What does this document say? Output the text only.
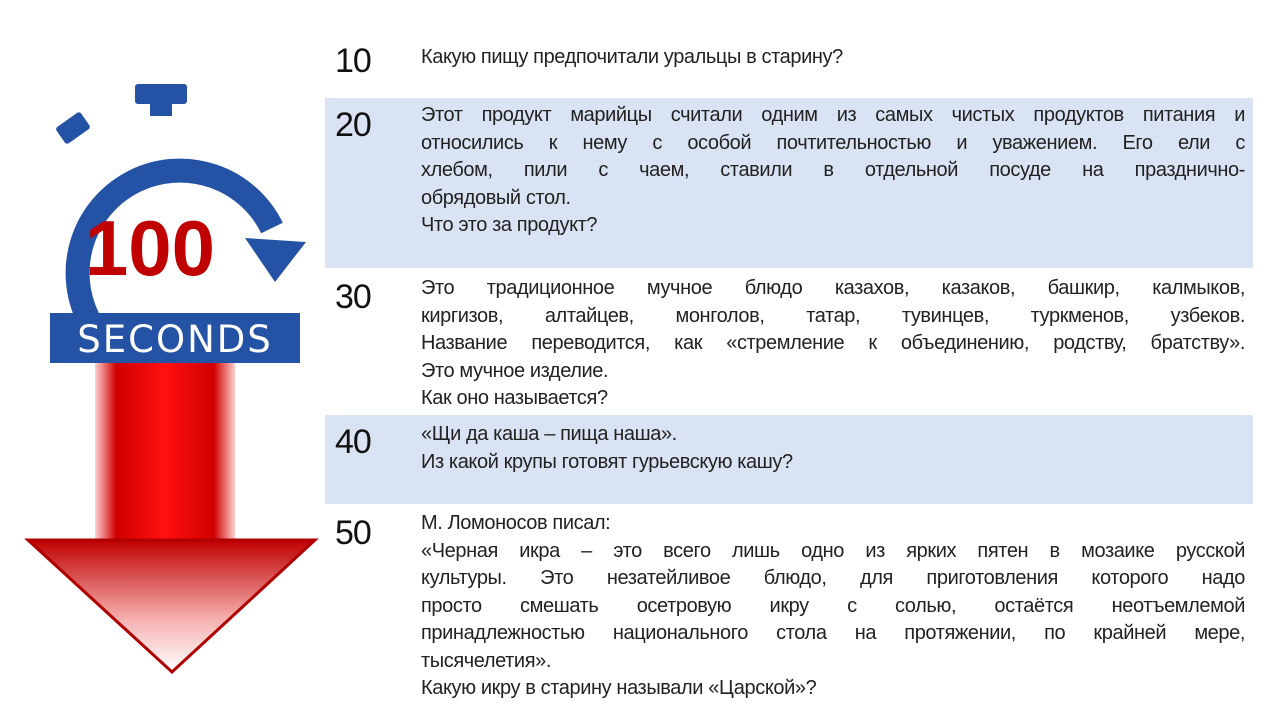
100
SECONDS
10	Какую пищу предпочитали уральцы в старину?
20	Этот продукт марийцы считали одним из самых чистых продуктов питания и
относились к нему с особой почтительностью и уважением. Его ели с
хлебом, пили с чаем, ставили в отдельной посуде на празднично-
обрядовый стол.
Что это за продукт?
30	Это традиционное мучное блюдо казахов, казаков, башкир, калмыков,
киргизов, алтайцев, монголов, татар, тувинцев, туркменов, узбеков.
Название переводится, как «стремление к объединению, родству, братству».
Это мучное изделие.
Как оно называется?
40	«Щи да каша – пища наша».
Из какой крупы готовят гурьевскую кашу?
50	М. Ломоносов писал:
«Черная икра – это всего лишь одно из ярких пятен в мозаике русской
культуры. Это незатейливое блюдо, для приготовления которого надо
просто смешать осетровую икру с солью, остаётся неотъемлемой
принадлежностью национального стола на протяжении, по крайней мере,
тысячелетия».
Какую икру в старину называли «Царской»?
